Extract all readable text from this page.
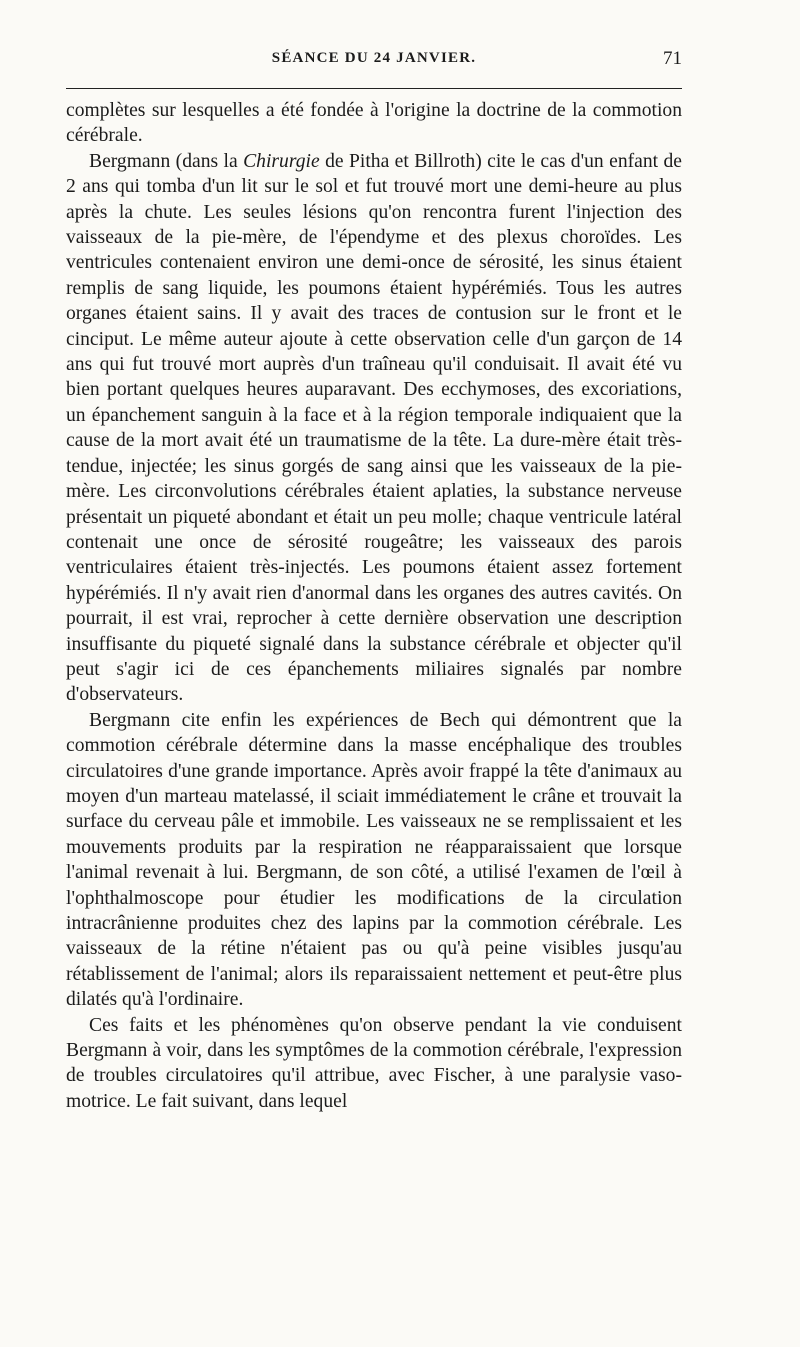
SÉANCE DU 24 JANVIER.	71

complètes sur lesquelles a été fondée à l'origine la doctrine de la commotion cérébrale.

Bergmann (dans la Chirurgie de Pitha et Billroth) cite le cas d'un enfant de 2 ans qui tomba d'un lit sur le sol et fut trouvé mort une demi-heure au plus après la chute. Les seules lésions qu'on rencontra furent l'injection des vaisseaux de la pie-mère, de l'épendyme et des plexus choroïdes. Les ventricules contenaient environ une demi-once de sérosité, les sinus étaient remplis de sang liquide, les poumons étaient hypérémiés. Tous les autres organes étaient sains. Il y avait des traces de contusion sur le front et le cinciput. Le même auteur ajoute à cette observation celle d'un garçon de 14 ans qui fut trouvé mort auprès d'un traîneau qu'il conduisait. Il avait été vu bien portant quelques heures auparavant. Des ecchymoses, des excoriations, un épanchement sanguin à la face et à la région temporale indiquaient que la cause de la mort avait été un traumatisme de la tête. La dure-mère était très-tendue, injectée; les sinus gorgés de sang ainsi que les vaisseaux de la pie-mère. Les circonvolutions cérébrales étaient aplaties, la substance nerveuse présentait un piqueté abondant et était un peu molle; chaque ventricule latéral contenait une once de sérosité rougeâtre; les vaisseaux des parois ventriculaires étaient très-injectés. Les poumons étaient assez fortement hypérémiés. Il n'y avait rien d'anormal dans les organes des autres cavités. On pourrait, il est vrai, reprocher à cette dernière observation une description insuffisante du piqueté signalé dans la substance cérébrale et objecter qu'il peut s'agir ici de ces épanchements miliaires signalés par nombre d'observateurs.

Bergmann cite enfin les expériences de Bech qui démontrent que la commotion cérébrale détermine dans la masse encéphalique des troubles circulatoires d'une grande importance. Après avoir frappé la tête d'animaux au moyen d'un marteau matelassé, il sciait immédiatement le crâne et trouvait la surface du cerveau pâle et immobile. Les vaisseaux ne se remplissaient et les mouvements produits par la respiration ne réapparaissaient que lorsque l'animal revenait à lui. Bergmann, de son côté, a utilisé l'examen de l'œil à l'ophthalmoscope pour étudier les modifications de la circulation intracrânienne produites chez des lapins par la commotion cérébrale. Les vaisseaux de la rétine n'étaient pas ou qu'à peine visibles jusqu'au rétablissement de l'animal; alors ils reparaissaient nettement et peut-être plus dilatés qu'à l'ordinaire.

Ces faits et les phénomènes qu'on observe pendant la vie conduisent Bergmann à voir, dans les symptômes de la commotion cérébrale, l'expression de troubles circulatoires qu'il attribue, avec Fischer, à une paralysie vaso-motrice. Le fait suivant, dans lequel
